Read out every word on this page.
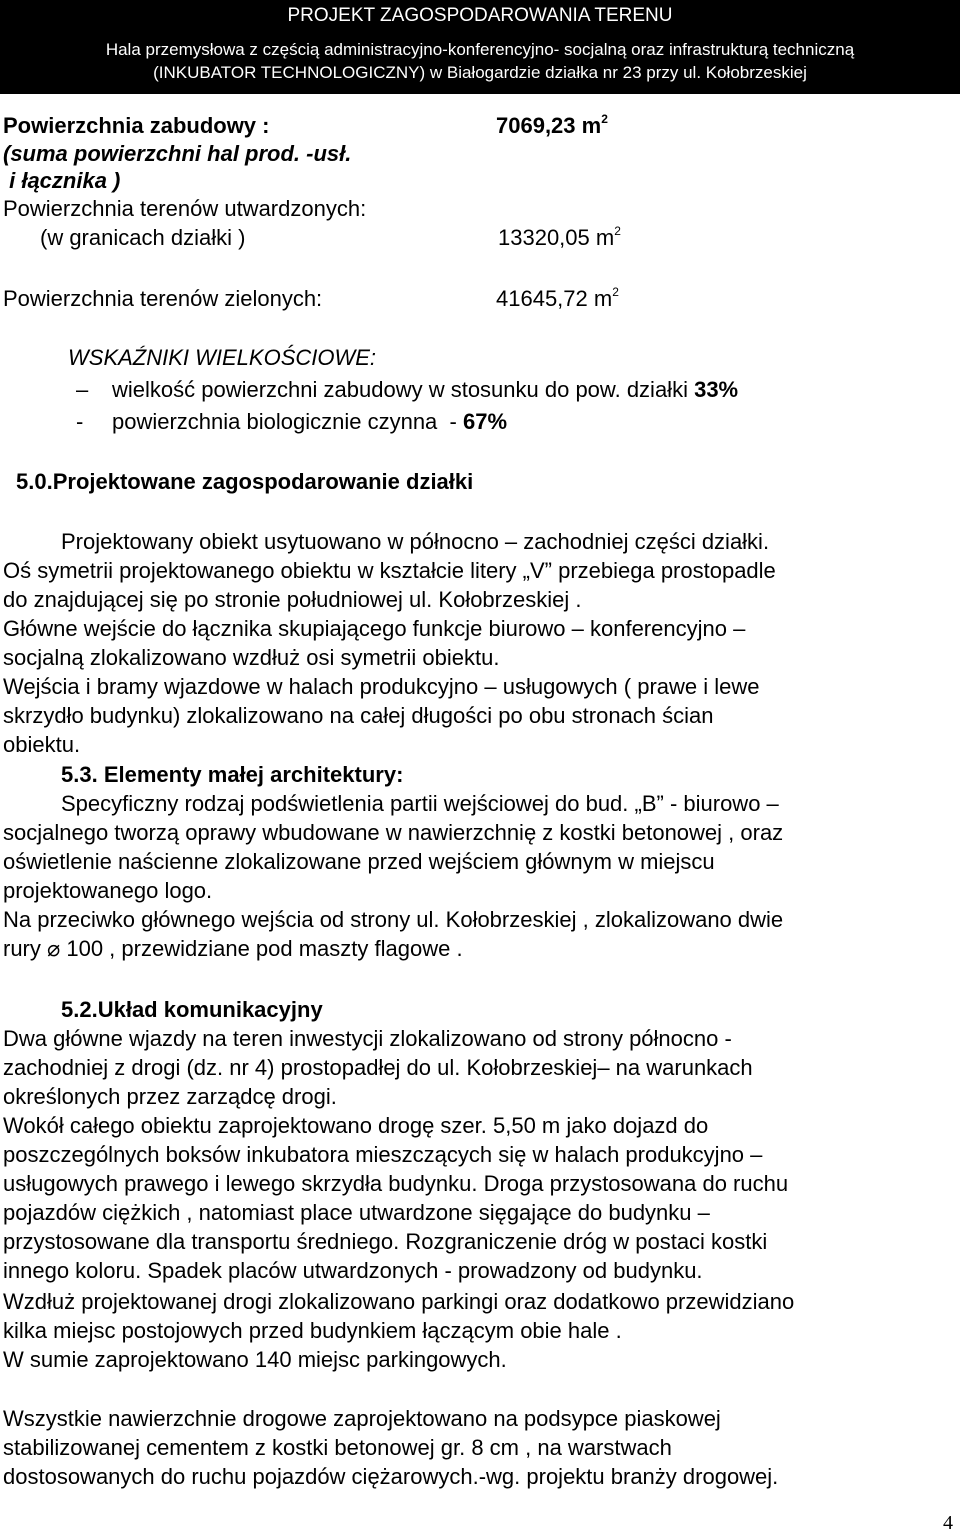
PROJEKT ZAGOSPODAROWANIA TERENU
Hala przemysłowa z częścią administracyjno-konferencyjno- socjalną oraz infrastrukturą techniczną
(INKUBATOR TECHNOLOGICZNY) w Białogardzie działka nr 23 przy ul. Kołobrzeskiej
Powierzchnia zabudowy :	7069,23 $m^2$
(suma powierzchni hal prod. -usł.
i łącznika )
Powierzchnia terenów utwardzonych:
(w granicach działki )	13320,05 $m^2$
Powierzchnia terenów zielonych:	41645,72 $m^2$
WSKAŹNIKI WIELKOŚCIOWE:
– wielkość powierzchni zabudowy w stosunku do pow. działki 33%
- powierzchnia biologicznie czynna  - 67%
5.0.Projektowane zagospodarowanie działki
Projektowany obiekt usytuowano w północno – zachodniej części działki.
Oś symetrii projektowanego obiektu w kształcie litery „V” przebiega prostopadle
do znajdującej się po stronie południowej ul. Kołobrzeskiej .
Główne wejście do łącznika skupiającego funkcje biurowo – konferencyjno –
socjalną zlokalizowano wzdłuż osi symetrii obiektu.
Wejścia i bramy wjazdowe w halach produkcyjno – usługowych ( prawe i lewe
skrzydło budynku) zlokalizowano na całej długości po obu stronach ścian
obiektu.
5.3. Elementy małej architektury:
Specyficzny rodzaj podświetlenia partii wejściowej do bud. „B” - biurowo –
socjalnego tworzą oprawy wbudowane w nawierzchnię z kostki betonowej , oraz
oświetlenie naścienne zlokalizowane przed wejściem głównym w miejscu
projektowanego logo.
Na przeciwko głównego wejścia od strony ul. Kołobrzeskiej , zlokalizowano dwie
rury ⌀ 100 , przewidziane pod maszty flagowe .
5.2.Układ komunikacyjny
Dwa główne wjazdy na teren inwestycji zlokalizowano od strony północno -
zachodniej z drogi (dz. nr 4) prostopadłej do ul. Kołobrzeskiej– na warunkach
określonych przez zarządcę drogi.
Wokół całego obiektu zaprojektowano drogę szer. 5,50 m jako dojazd do
poszczególnych boksów inkubatora mieszczących się w halach produkcyjno –
usługowych prawego i lewego skrzydła budynku. Droga przystosowana do ruchu
pojazdów ciężkich , natomiast place utwardzone sięgające do budynku –
przystosowane dla transportu średniego. Rozgraniczenie dróg w postaci kostki
innego koloru. Spadek placów utwardzonych - prowadzony od budynku.
Wzdłuż projektowanej drogi zlokalizowano parkingi oraz dodatkowo przewidziano
kilka miejsc postojowych przed budynkiem łączącym obie hale .
W sumie zaprojektowano 140 miejsc parkingowych.
Wszystkie nawierzchnie drogowe zaprojektowano na podsypce piaskowej
stabilizowanej cementem z kostki betonowej gr. 8 cm , na warstwach
dostosowanych do ruchu pojazdów ciężarowych.-wg. projektu branży drogowej.
4
